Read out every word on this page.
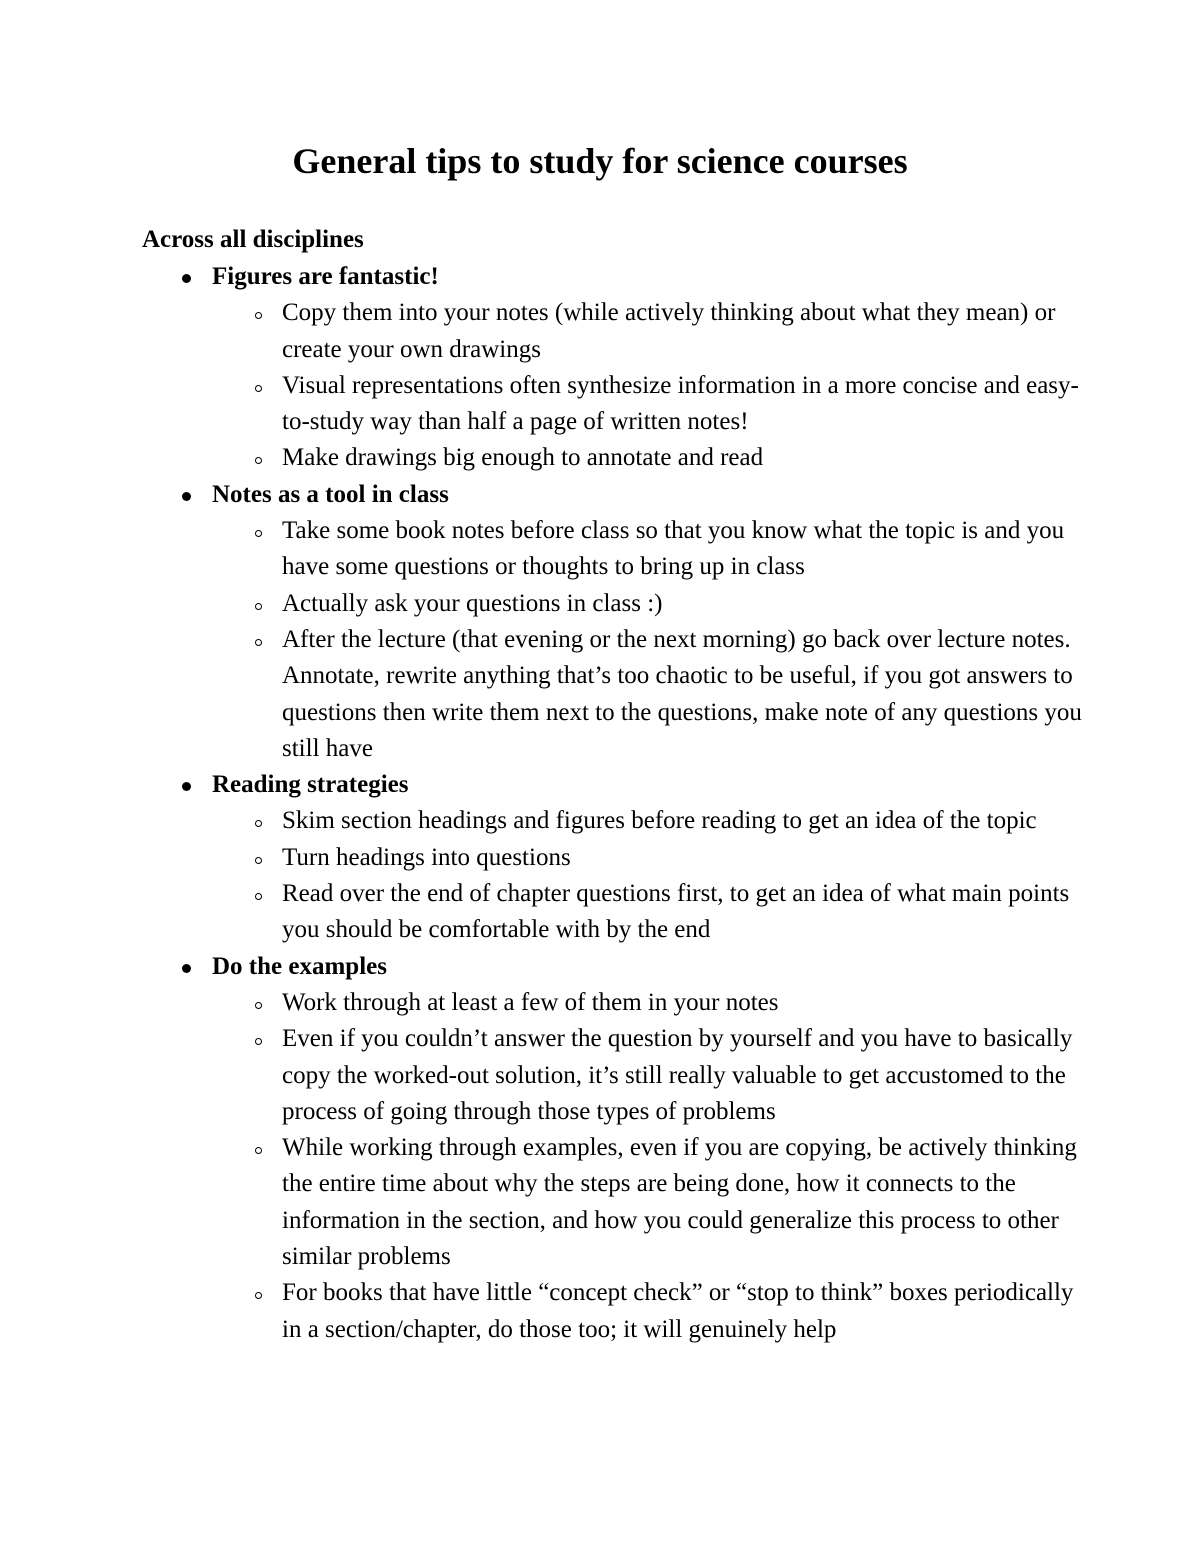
General tips to study for science courses
Across all disciplines
Figures are fantastic!
Copy them into your notes (while actively thinking about what they mean) or create your own drawings
Visual representations often synthesize information in a more concise and easy-to-study way than half a page of written notes!
Make drawings big enough to annotate and read
Notes as a tool in class
Take some book notes before class so that you know what the topic is and you have some questions or thoughts to bring up in class
Actually ask your questions in class :)
After the lecture (that evening or the next morning) go back over lecture notes. Annotate, rewrite anything that’s too chaotic to be useful, if you got answers to questions then write them next to the questions, make note of any questions you still have
Reading strategies
Skim section headings and figures before reading to get an idea of the topic
Turn headings into questions
Read over the end of chapter questions first, to get an idea of what main points you should be comfortable with by the end
Do the examples
Work through at least a few of them in your notes
Even if you couldn’t answer the question by yourself and you have to basically copy the worked-out solution, it’s still really valuable to get accustomed to the process of going through those types of problems
While working through examples, even if you are copying, be actively thinking the entire time about why the steps are being done, how it connects to the information in the section, and how you could generalize this process to other similar problems
For books that have little “concept check” or “stop to think” boxes periodically in a section/chapter, do those too; it will genuinely help
